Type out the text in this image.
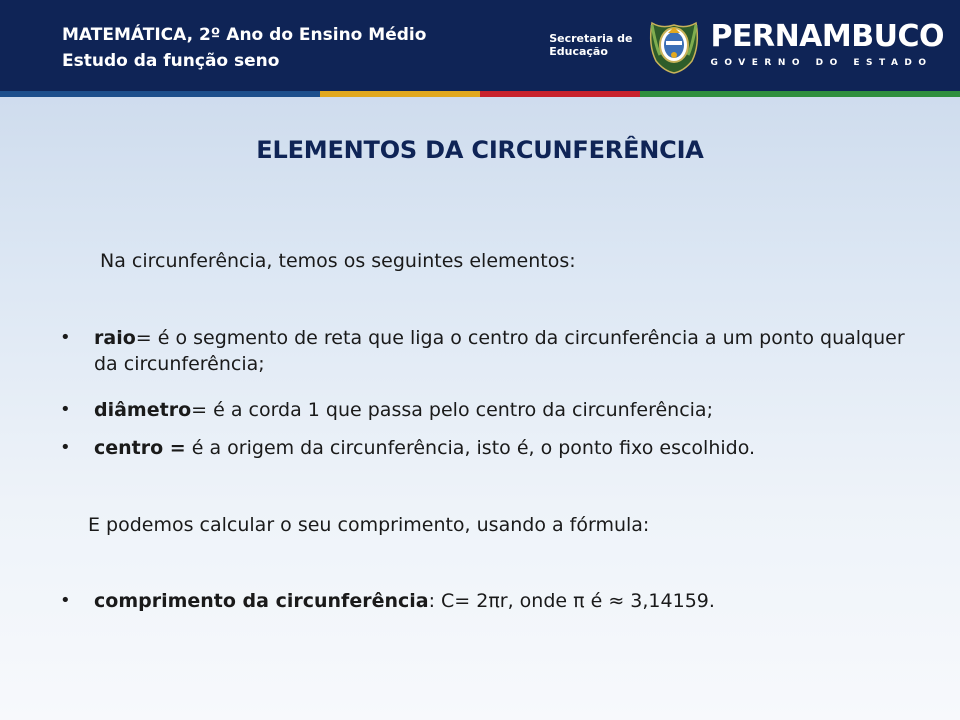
MATEMÁTICA, 2º Ano do Ensino Médio
Estudo da função seno
Secretaria de
Educação	PERNAMBUCO
GOVERNO DO ESTADO
ELEMENTOS DA CIRCUNFERÊNCIA
Na circunferência, temos os seguintes elementos:
•	raio= é o segmento de reta que liga o centro da circunferência a um ponto qualquer da circunferência;
•	diâmetro= é a corda 1 que passa pelo centro da circunferência;
•	centro = é a origem da circunferência, isto é, o ponto fixo escolhido.
E podemos calcular o seu comprimento, usando a fórmula:
•	comprimento da circunferência: C= 2πr, onde π é ≈ 3,14159.
